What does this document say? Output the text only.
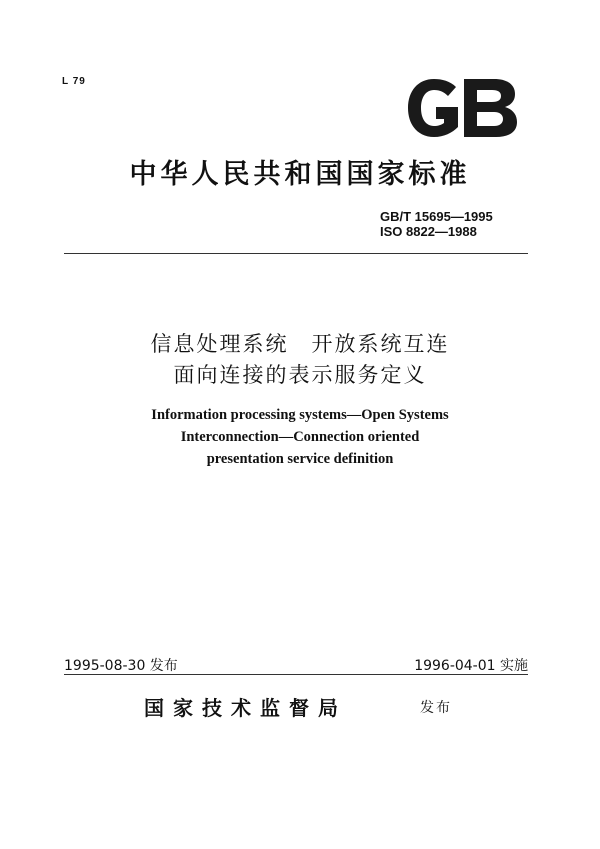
L 79
中华人民共和国国家标准
GB/T 15695—1995
ISO 8822—1988
信息处理系统　开放系统互连
面向连接的表示服务定义
Information processing systems—Open Systems
Interconnection—Connection oriented
presentation service definition
1995-08-30 发布	1996-04-01 实施
国家技术监督局	发布
